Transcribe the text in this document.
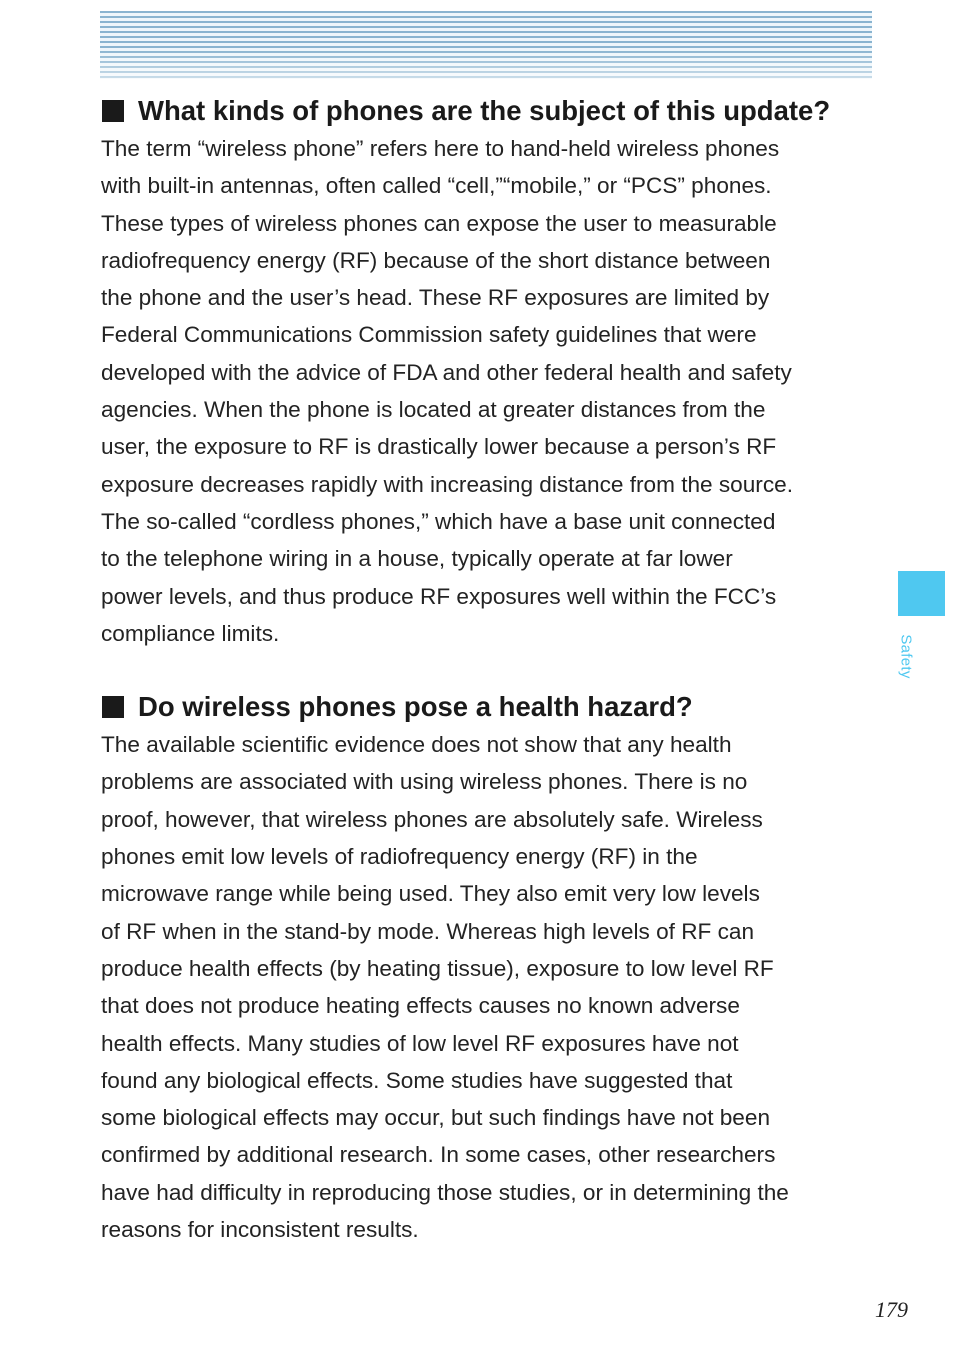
What kinds of phones are the subject of this update?

The term “wireless phone” refers here to hand-held wireless phones
with built-in antennas, often called “cell,”“mobile,” or “PCS” phones.
These types of wireless phones can expose the user to measurable
radiofrequency energy (RF) because of the short distance between
the phone and the user’s head. These RF exposures are limited by
Federal Communications Commission safety guidelines that were
developed with the advice of FDA and other federal health and safety
agencies. When the phone is located at greater distances from the
user, the exposure to RF is drastically lower because a person’s RF
exposure decreases rapidly with increasing distance from the source.
The so-called “cordless phones,” which have a base unit connected
to the telephone wiring in a house, typically operate at far lower
power levels, and thus produce RF exposures well within the FCC’s
compliance limits.

Do wireless phones pose a health hazard?

The available scientific evidence does not show that any health
problems are associated with using wireless phones. There is no
proof, however, that wireless phones are absolutely safe. Wireless
phones emit low levels of radiofrequency energy (RF) in the
microwave range while being used. They also emit very low levels
of RF when in the stand-by mode. Whereas high levels of RF can
produce health effects (by heating tissue), exposure to low level RF
that does not produce heating effects causes no known adverse
health effects. Many studies of low level RF exposures have not
found any biological effects. Some studies have suggested that
some biological effects may occur, but such findings have not been
confirmed by additional research. In some cases, other researchers
have had difficulty in reproducing those studies, or in determining the
reasons for inconsistent results.

Safety
179
